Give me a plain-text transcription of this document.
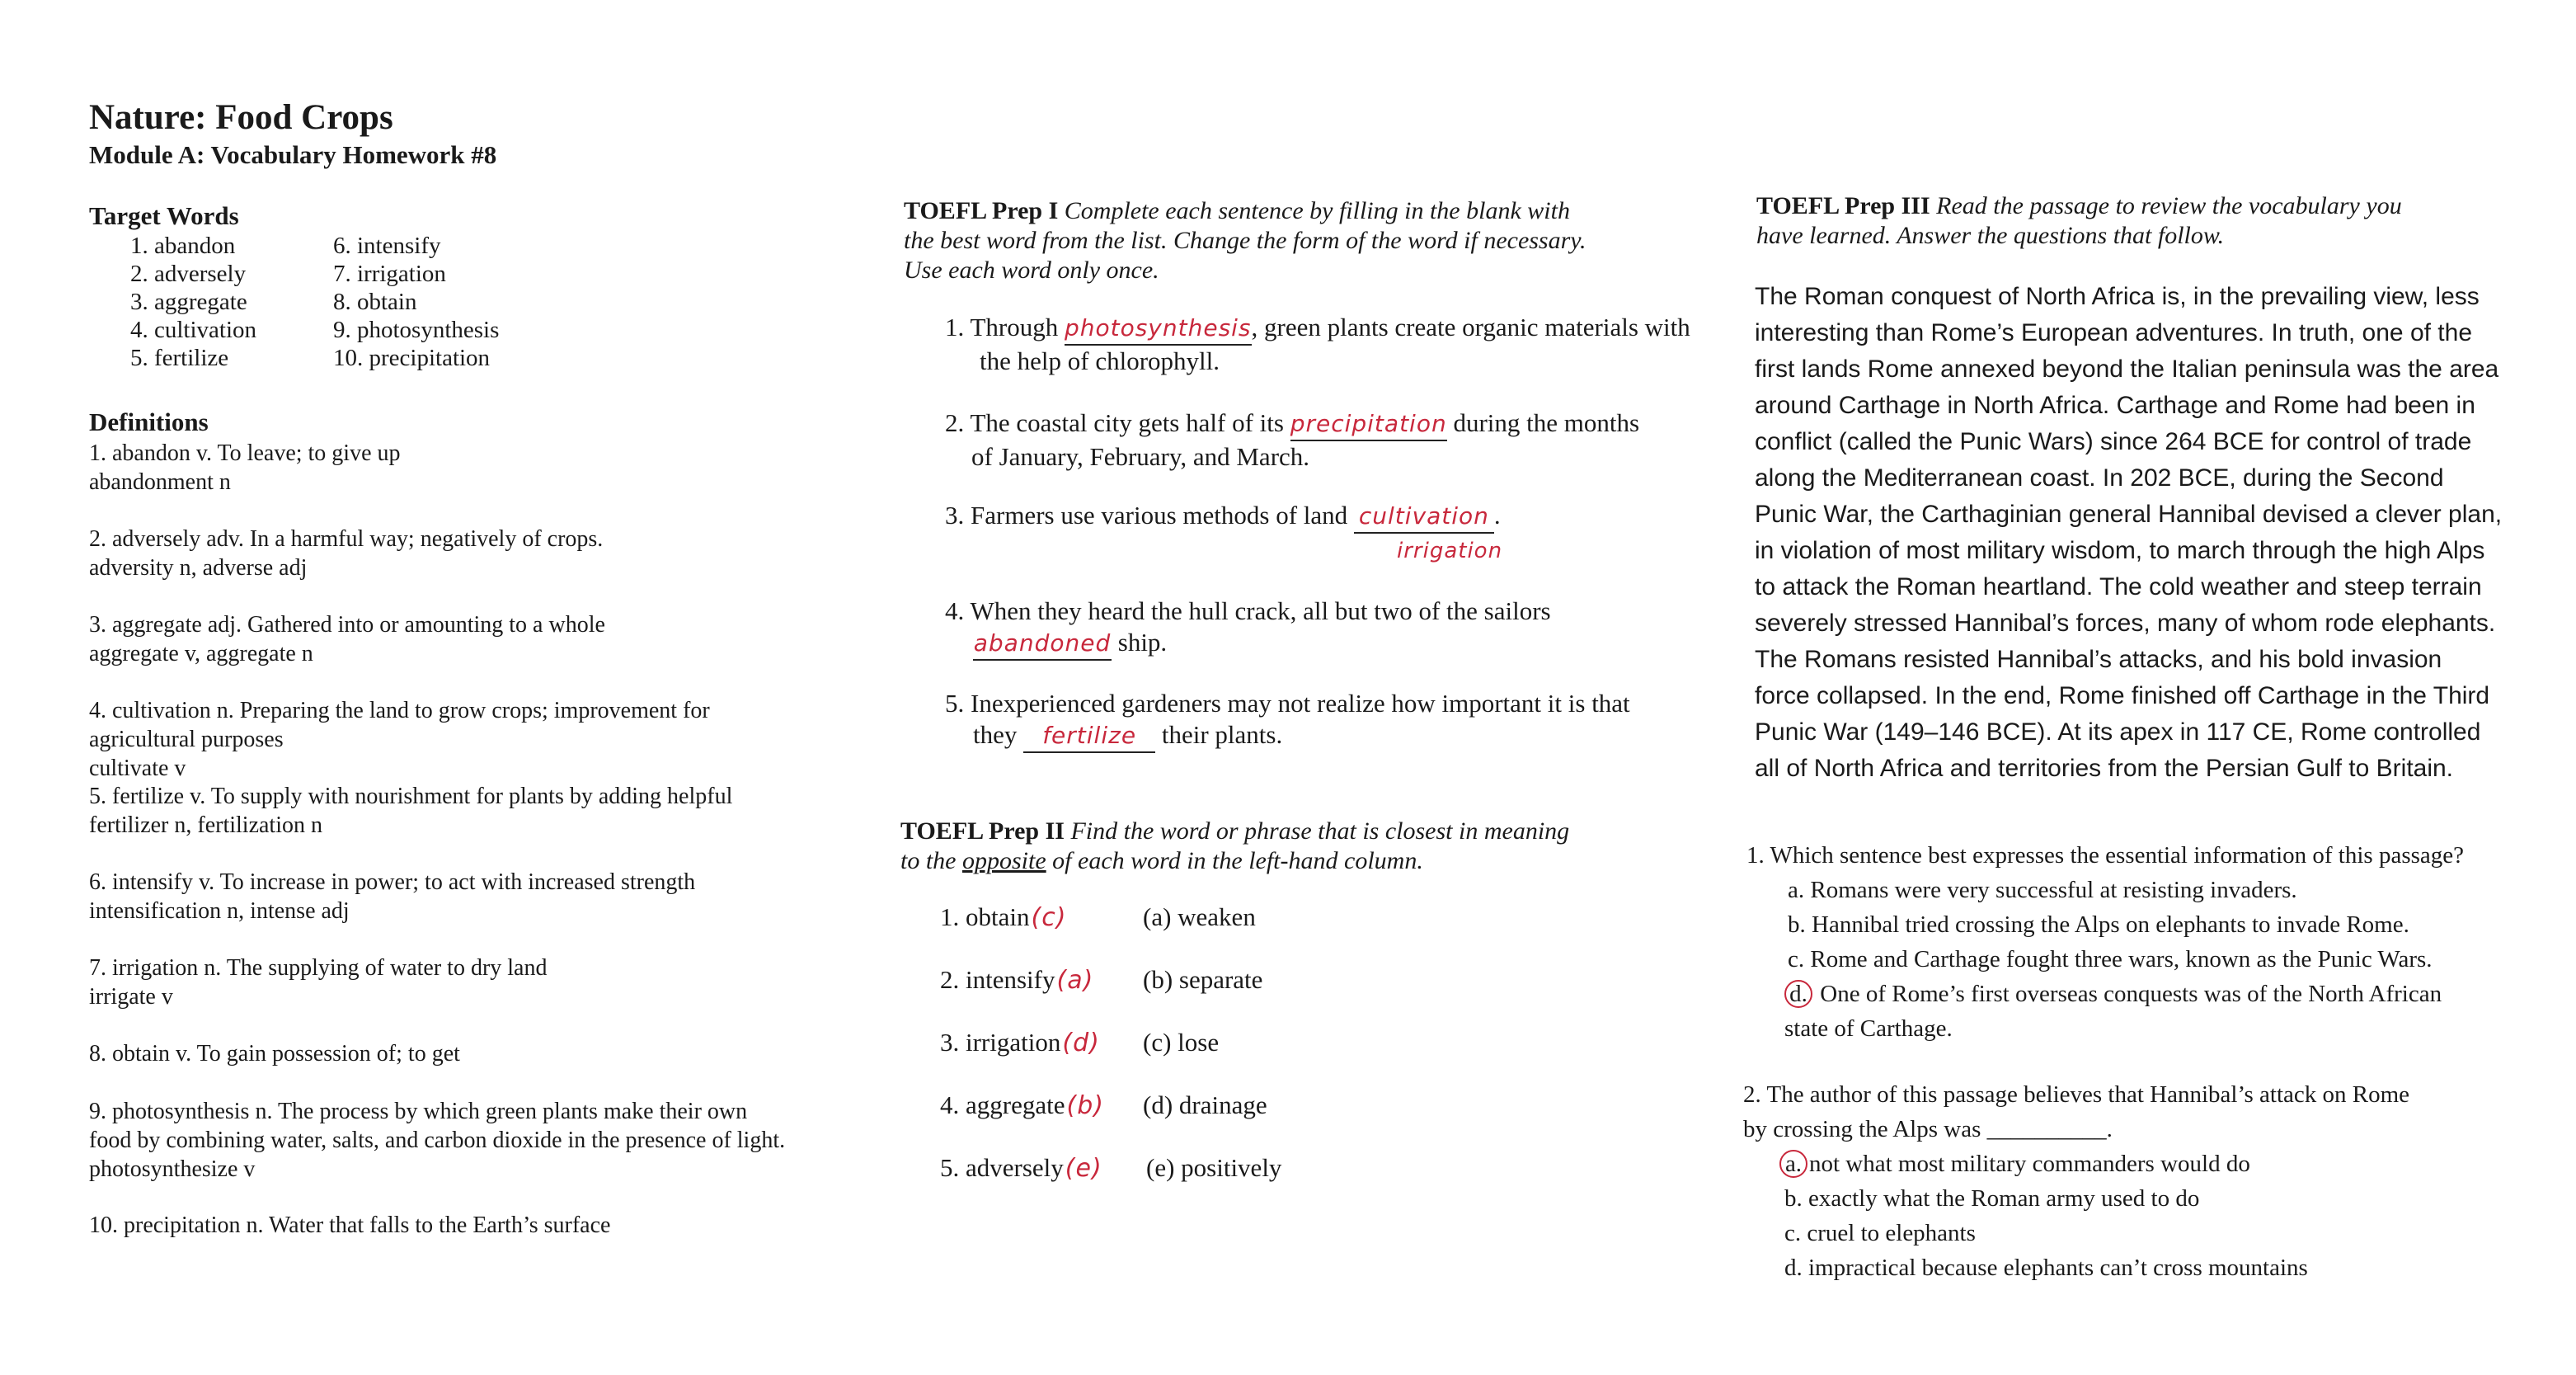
Nature: Food Crops
Module A: Vocabulary Homework #8
Target Words
1. abandon
2. adversely
3. aggregate
4. cultivation
5. fertilize
6. intensify
7. irrigation
8. obtain
9. photosynthesis
10. precipitation
Definitions
1. abandon v. To leave; to give up
abandonment n
2. adversely adv. In a harmful way; negatively of crops.
adversity n, adverse adj
3. aggregate adj. Gathered into or amounting to a whole
aggregate v, aggregate n
4. cultivation n. Preparing the land to grow crops; improvement for
agricultural purposes
cultivate v
5. fertilize v. To supply with nourishment for plants by adding helpful
fertilizer n, fertilization n
6. intensify v. To increase in power; to act with increased strength
intensification n, intense adj
7. irrigation n. The supplying of water to dry land
irrigate v
8. obtain v. To gain possession of; to get
9. photosynthesis n. The process by which green plants make their own
food by combining water, salts, and carbon dioxide in the presence of light.
photosynthesize v
10. precipitation n. Water that falls to the Earth’s surface
TOEFL Prep I Complete each sentence by filling in the blank with
the best word from the list. Change the form of the word if necessary.
Use each word only once.
1. Through photosynthesis, green plants create organic materials with
the help of chlorophyll.
2. The coastal city gets half of its precipitation during the months
of January, February, and March.
3. Farmers use various methods of land cultivation .
irrigation
4. When they heard the hull crack, all but two of the sailors
abandoned ship.
5. Inexperienced gardeners may not realize how important it is that
they fertilize their plants.
TOEFL Prep II Find the word or phrase that is closest in meaning
to the opposite of each word in the left-hand column.
1. obtain(c)	(a) weaken
2. intensify(a) (b) separate
3. irrigation(d) (c) lose
4. aggregate(b) (d) drainage
5. adversely(e) (e) positively
TOEFL Prep III Read the passage to review the vocabulary you
have learned. Answer the questions that follow.
The Roman conquest of North Africa is, in the prevailing view, less
interesting than Rome’s European adventures. In truth, one of the
first lands Rome annexed beyond the Italian peninsula was the area
around Carthage in North Africa. Carthage and Rome had been in
conflict (called the Punic Wars) since 264 BCE for control of trade
along the Mediterranean coast. In 202 BCE, during the Second
Punic War, the Carthaginian general Hannibal devised a clever plan,
in violation of most military wisdom, to march through the high Alps
to attack the Roman heartland. The cold weather and steep terrain
severely stressed Hannibal’s forces, many of whom rode elephants.
The Romans resisted Hannibal’s attacks, and his bold invasion
force collapsed. In the end, Rome finished off Carthage in the Third
Punic War (149–146 BCE). At its apex in 117 CE, Rome controlled
all of North Africa and territories from the Persian Gulf to Britain.
1. Which sentence best expresses the essential information of this passage?
a. Romans were very successful at resisting invaders.
b. Hannibal tried crossing the Alps on elephants to invade Rome.
c. Rome and Carthage fought three wars, known as the Punic Wars.
d. One of Rome’s first overseas conquests was of the North African
state of Carthage.
2. The author of this passage believes that Hannibal’s attack on Rome
by crossing the Alps was __________.
a. not what most military commanders would do
b. exactly what the Roman army used to do
c. cruel to elephants
d. impractical because elephants can’t cross mountains
